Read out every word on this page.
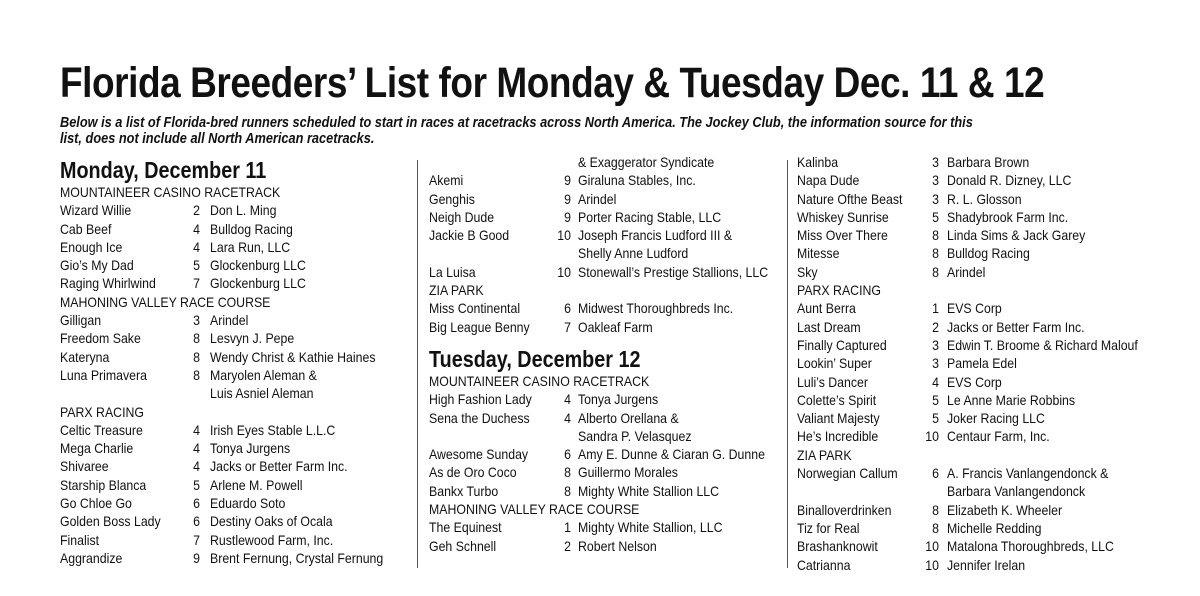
Florida Breeders’ List for Monday & Tuesday Dec. 11 & 12
Below is a list of Florida-bred runners scheduled to start in races at racetracks across North America. The Jockey Club, the information source for this
list, does not include all North American racetracks.
Monday, December 11
MOUNTAINEER CASINO RACETRACK
Wizard Willie	2 Don L. Ming
Cab Beef	4 Bulldog Racing
Enough Ice	4 Lara Run, LLC
Gio’s My Dad	5 Glockenburg LLC
Raging Whirlwind	7 Glockenburg LLC
MAHONING VALLEY RACE COURSE
Gilligan	3 Arindel
Freedom Sake	8 Lesvyn J. Pepe
Kateryna	8 Wendy Christ & Kathie Haines
Luna Primavera	8 Maryolen Aleman &
Luis Asniel Aleman
PARX RACING
Celtic Treasure	4 Irish Eyes Stable L.L.C
Mega Charlie	4 Tonya Jurgens
Shivaree	4 Jacks or Better Farm Inc.
Starship Blanca	5 Arlene M. Powell
Go Chloe Go	6 Eduardo Soto
Golden Boss Lady	6 Destiny Oaks of Ocala
Finalist	7 Rustlewood Farm, Inc.
Aggrandize	9 Brent Fernung, Crystal Fernung
& Exaggerator Syndicate
Akemi	9 Giraluna Stables, Inc.
Genghis	9 Arindel
Neigh Dude	9 Porter Racing Stable, LLC
Jackie B Good	10 Joseph Francis Ludford III &
Shelly Anne Ludford
La Luisa	10 Stonewall’s Prestige Stallions, LLC
ZIA PARK
Miss Continental	6 Midwest Thoroughbreds Inc.
Big League Benny	7 Oakleaf Farm
Tuesday, December 12
MOUNTAINEER CASINO RACETRACK
High Fashion Lady	4 Tonya Jurgens
Sena the Duchess	4 Alberto Orellana &
Sandra P. Velasquez
Awesome Sunday	6 Amy E. Dunne & Ciaran G. Dunne
As de Oro Coco	8 Guillermo Morales
Bankx Turbo	8 Mighty White Stallion LLC
MAHONING VALLEY RACE COURSE
The Equinest	1 Mighty White Stallion, LLC
Geh Schnell	2 Robert Nelson
Kalinba	3 Barbara Brown
Napa Dude	3 Donald R. Dizney, LLC
Nature Ofthe Beast	3 R. L. Glosson
Whiskey Sunrise	5 Shadybrook Farm Inc.
Miss Over There	8 Linda Sims & Jack Garey
Mitesse	8 Bulldog Racing
Sky	8 Arindel
PARX RACING
Aunt Berra	1 EVS Corp
Last Dream	2 Jacks or Better Farm Inc.
Finally Captured	3 Edwin T. Broome & Richard Malouf
Lookin’ Super	3 Pamela Edel
Luli’s Dancer	4 EVS Corp
Colette’s Spirit	5 Le Anne Marie Robbins
Valiant Majesty	5 Joker Racing LLC
He’s Incredible	10 Centaur Farm, Inc.
ZIA PARK
Norwegian Callum	6 A. Francis Vanlangendonck &
Barbara Vanlangendonck
Binalloverdrinken	8 Elizabeth K. Wheeler
Tiz for Real	8 Michelle Redding
Brashanknowit	10 Matalona Thoroughbreds, LLC
Catrianna	10 Jennifer Irelan
